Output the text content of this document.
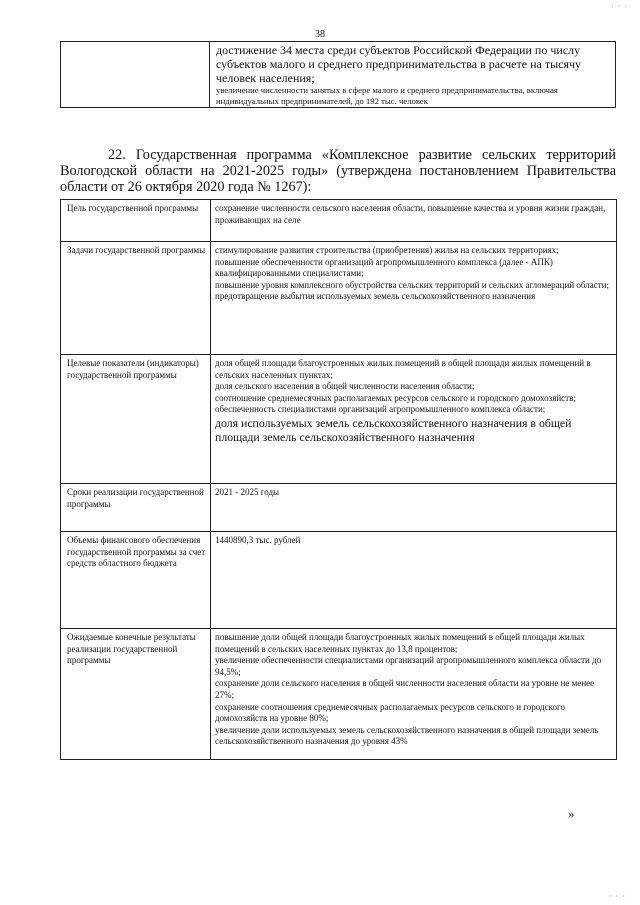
· · ·
38

достижение 34 места среди субъектов Российской Федерации по числу субъектов малого и среднего предпринимательства в расчете на тысячу человек населения;
увеличение численности занятых в сфере малого и среднего предпринимательства, включая индивидуальных предпринимателей, до 192 тыс. человек

22. Государственная программа «Комплексное развитие сельских территорий Вологодской области на 2021-2025 годы» (утверждена постановлением Правительства области от 26 октября 2020 года № 1267):

Цель государственной программы	сохранение численности сельского населения области, повышение качества и уровня жизни граждан, проживающих на селе

Задачи государственной программы	стимулирование развития строительства (приобретения) жилья на сельских территориях;
повышение обеспеченности организаций агропромышленного комплекса (далее - АПК) квалифицированными специалистами;
повышение уровня комплексного обустройства сельских территорий и сельских агломераций области;
предотвращение выбытия используемых земель сельскохозяйственного назначения

Целевые показатели (индикаторы) государственной программы	доля общей площади благоустроенных жилых помещений в общей площади жилых помещений в сельских населенных пунктах;
доля сельского населения в общей численности населения области;
соотношение среднемесячных располагаемых ресурсов сельского и городского домохозяйств;
обеспеченность специалистами организаций агропромышленного комплекса области;
доля используемых земель сельскохозяйственного назначения в общей площади земель сельскохозяйственного назначения

Сроки реализации государственной программы	2021 - 2025 годы

Объемы финансового обеспечения государственной программы за счет средств областного бюджета	1440890,3 тыс. рублей

Ожидаемые конечные результаты реализации государственной программы	повышение доли общей площади благоустроенных жилых помещений в общей площади жилых помещений в сельских населенных пунктах до 13,8 процентов;
увеличение обеспеченности специалистами организаций агропромышленного комплекса области до 94,5%;
сохранение доли сельского населения в общей численности населения области на уровне не менее 27%;
сохранение соотношения среднемесячных располагаемых ресурсов сельского и городского домохозяйств на уровне 80%;
увеличение доли используемых земель сельскохозяйственного назначения в общей площади земель сельскохозяйственного назначения до уровня 43%
»
· · ·
